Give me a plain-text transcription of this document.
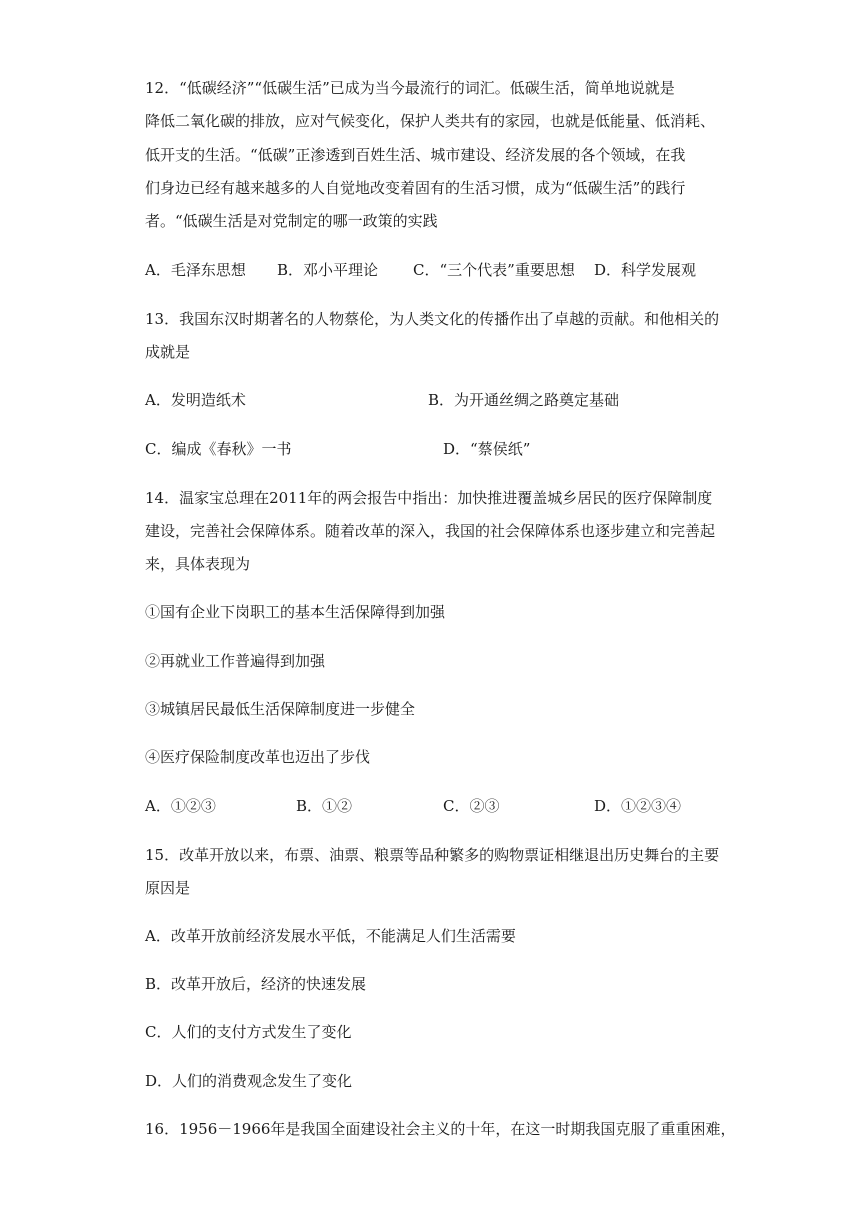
12．“低碳经济”“低碳生活”已成为当今最流行的词汇。低碳生活，简单地说就是
降低二氧化碳的排放，应对气候变化，保护人类共有的家园，也就是低能量、低消耗、
低开支的生活。“低碳”正渗透到百姓生活、城市建设、经济发展的各个领域，在我
们身边已经有越来越多的人自觉地改变着固有的生活习惯，成为“低碳生活”的践行
者。“低碳生活是对党制定的哪一政策的实践
A．毛泽东思想 B．邓小平理论 C．“三个代表”重要思想 D．科学发展观
13．我国东汉时期著名的人物蔡伦，为人类文化的传播作出了卓越的贡献。和他相关的
成就是
A．发明造纸术	B．为开通丝绸之路奠定基础
C．编成《春秋》一书	D．“蔡侯纸”
14．温家宝总理在2011年的两会报告中指出：加快推进覆盖城乡居民的医疗保障制度
建设，完善社会保障体系。随着改革的深入，我国的社会保障体系也逐步建立和完善起
来，具体表现为
①国有企业下岗职工的基本生活保障得到加强
②再就业工作普遍得到加强
③城镇居民最低生活保障制度进一步健全
④医疗保险制度改革也迈出了步伐
A．①②③	B．①②	C．②③	D．①②③④
15．改革开放以来，布票、油票、粮票等品种繁多的购物票证相继退出历史舞台的主要
原因是
A．改革开放前经济发展水平低，不能满足人们生活需要
B．改革开放后，经济的快速发展
C．人们的支付方式发生了变化
D．人们的消费观念发生了变化
16．1956－1966年是我国全面建设社会主义的十年，在这一时期我国克服了重重困难，
